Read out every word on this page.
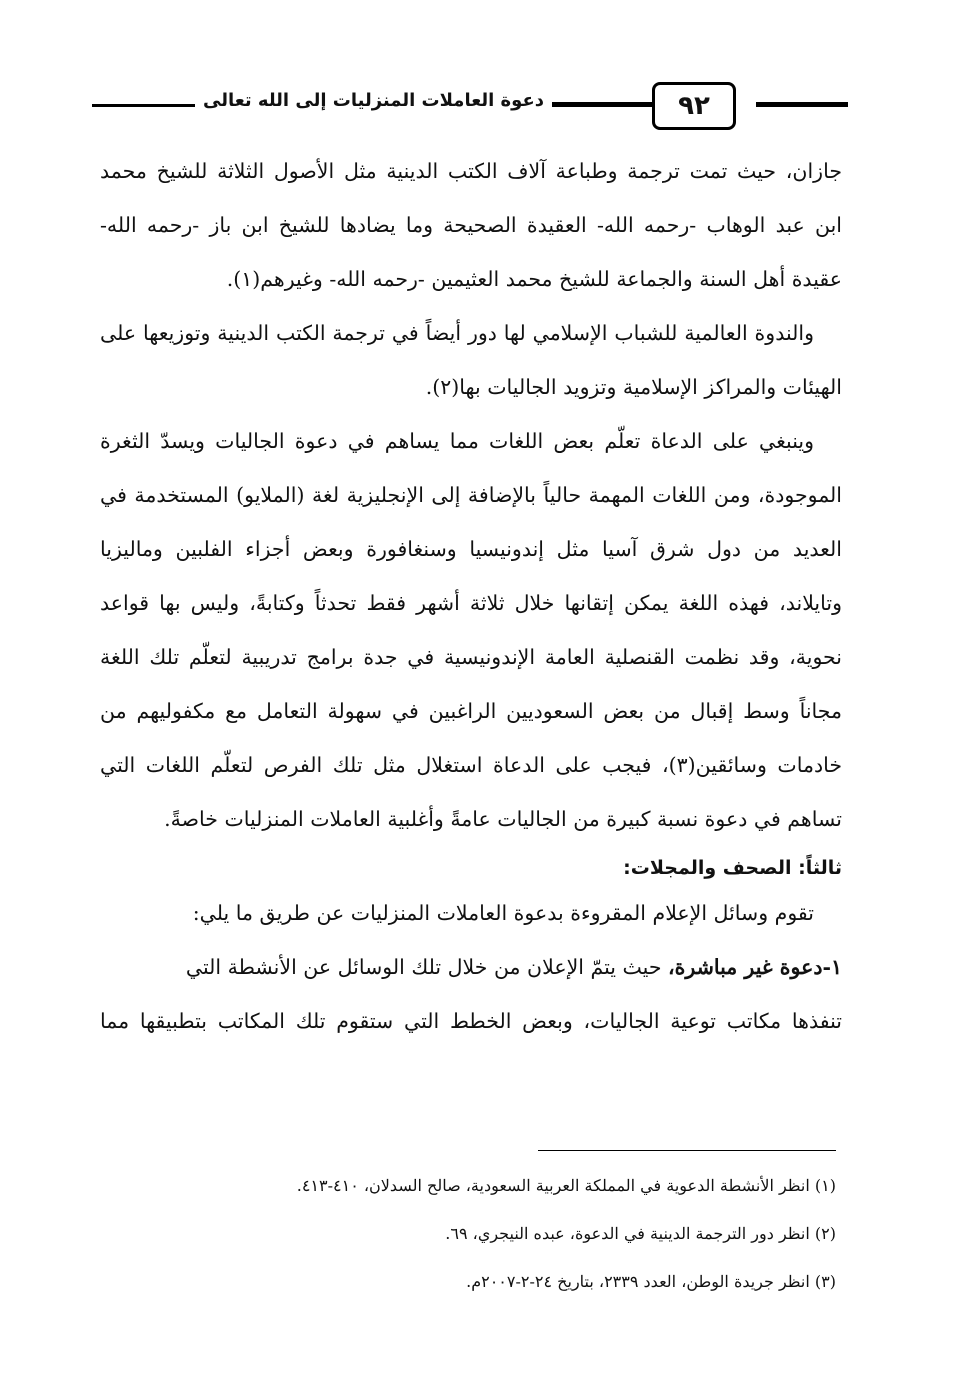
٩٢
دعوة العاملات المنزليات إلى الله تعالى
جازان، حيث تمت ترجمة وطباعة آلاف الكتب الدينية مثل الأصول الثلاثة للشيخ محمد
ابن عبد الوهاب -رحمه الله- العقيدة الصحيحة وما يضادها للشيخ ابن باز -رحمه الله-
عقيدة أهل السنة والجماعة للشيخ محمد العثيمين -رحمه الله- وغيرهم(١).
والندوة العالمية للشباب الإسلامي لها دور أيضاً في ترجمة الكتب الدينية وتوزيعها على
الهيئات والمراكز الإسلامية وتزويد الجاليات بها(٢).
وينبغي على الدعاة تعلّم بعض اللغات مما يساهم في دعوة الجاليات ويسدّ الثغرة
الموجودة، ومن اللغات المهمة حالياً بالإضافة إلى الإنجليزية لغة (الملايو) المستخدمة في
العديد من دول شرق آسيا مثل إندونيسيا وسنغافورة وبعض أجزاء الفلبين وماليزيا
وتايلاند، فهذه اللغة يمكن إتقانها خلال ثلاثة أشهر فقط تحدثاً وكتابةً، وليس بها قواعد
نحوية، وقد نظمت القنصلية العامة الإندونيسية في جدة برامج تدريبية لتعلّم تلك اللغة
مجاناً وسط إقبال من بعض السعوديين الراغبين في سهولة التعامل مع مكفوليهم من
خادمات وسائقين(٣)، فيجب على الدعاة استغلال مثل تلك الفرص لتعلّم اللغات التي
تساهم في دعوة نسبة كبيرة من الجاليات عامةً وأغلبية العاملات المنزليات خاصةً.
ثالثاً: الصحف والمجلات:
تقوم وسائل الإعلام المقروءة بدعوة العاملات المنزليات عن طريق ما يلي:
١-دعوة غير مباشرة، حيث يتمّ الإعلان من خلال تلك الوسائل عن الأنشطة التي
تنفذها مكاتب توعية الجاليات، وبعض الخطط التي ستقوم تلك المكاتب بتطبيقها مما
(١) انظر الأنشطة الدعوية في المملكة العربية السعودية، صالح السدلان، ٤١٠-٤١٣.
(٢) انظر دور الترجمة الدينية في الدعوة، عبده النيجري، ٦٩.
(٣) انظر جريدة الوطن، العدد ٢٣٣٩، بتاريخ ٢٤-٢-٢٠٠٧م.
